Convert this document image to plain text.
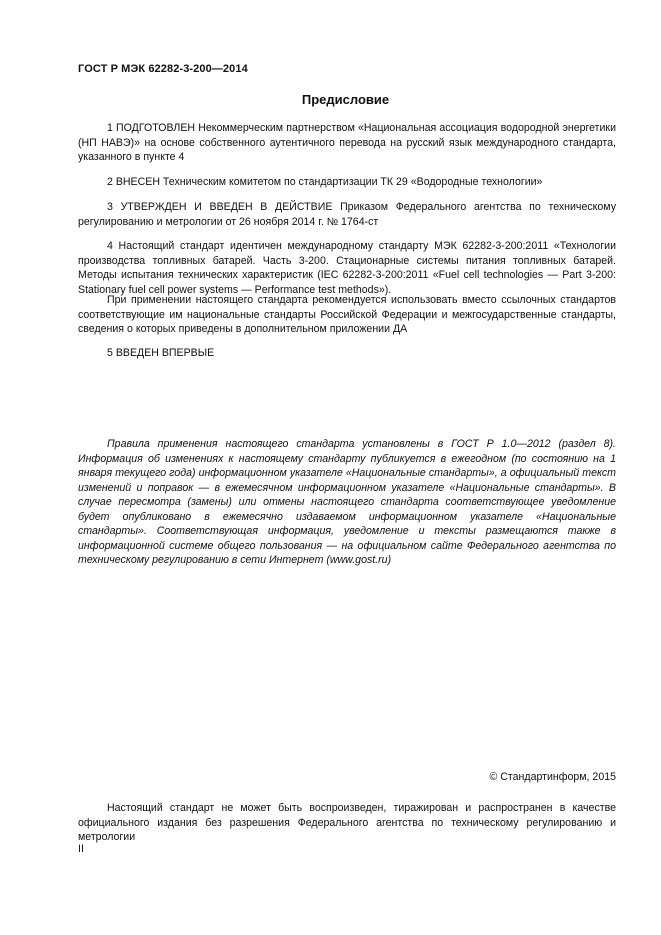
ГОСТ Р МЭК 62282-3-200—2014
Предисловие

1 ПОДГОТОВЛЕН Некоммерческим партнерством «Национальная ассоциация водородной энергетики (НП НАВЭ)» на основе собственного аутентичного перевода на русский язык международного стандарта, указанного в пункте 4

2 ВНЕСЕН Техническим комитетом по стандартизации ТК 29 «Водородные технологии»

3 УТВЕРЖДЕН И ВВЕДЕН В ДЕЙСТВИЕ Приказом Федерального агентства по техническому регулированию и метрологии от 26 ноября 2014 г. № 1764-ст

4 Настоящий стандарт идентичен международному стандарту МЭК 62282-3-200:2011 «Технологии производства топливных батарей. Часть 3-200. Стационарные системы питания топливных батарей. Методы испытания технических характеристик (IEC 62282-3-200:2011 «Fuel cell technologies — Part 3-200: Stationary fuel cell power systems — Performance test methods»).

При применении настоящего стандарта рекомендуется использовать вместо ссылочных стандартов соответствующие им национальные стандарты Российской Федерации и межгосударственные стандарты, сведения о которых приведены в дополнительном приложении ДА

5 ВВЕДЕН ВПЕРВЫЕ

Правила применения настоящего стандарта установлены в ГОСТ Р 1.0—2012 (раздел 8). Информация об изменениях к настоящему стандарту публикуется в ежегодном (по состоянию на 1 января текущего года) информационном указателе «Национальные стандарты», а официальный текст изменений и поправок — в ежемесячном информационном указателе «Национальные стандарты». В случае пересмотра (замены) или отмены настоящего стандарта соответствующее уведомление будет опубликовано в ежемесячно издаваемом информационном указателе «Национальные стандарты». Соответствующая информация, уведомление и тексты размещаются также в информационной системе общего пользования — на официальном сайте Федерального агентства по техническому регулированию в сети Интернет (www.gost.ru)

© Стандартинформ, 2015

Настоящий стандарт не может быть воспроизведен, тиражирован и распространен в качестве официального издания без разрешения Федерального агентства по техническому регулированию и метрологии

II
